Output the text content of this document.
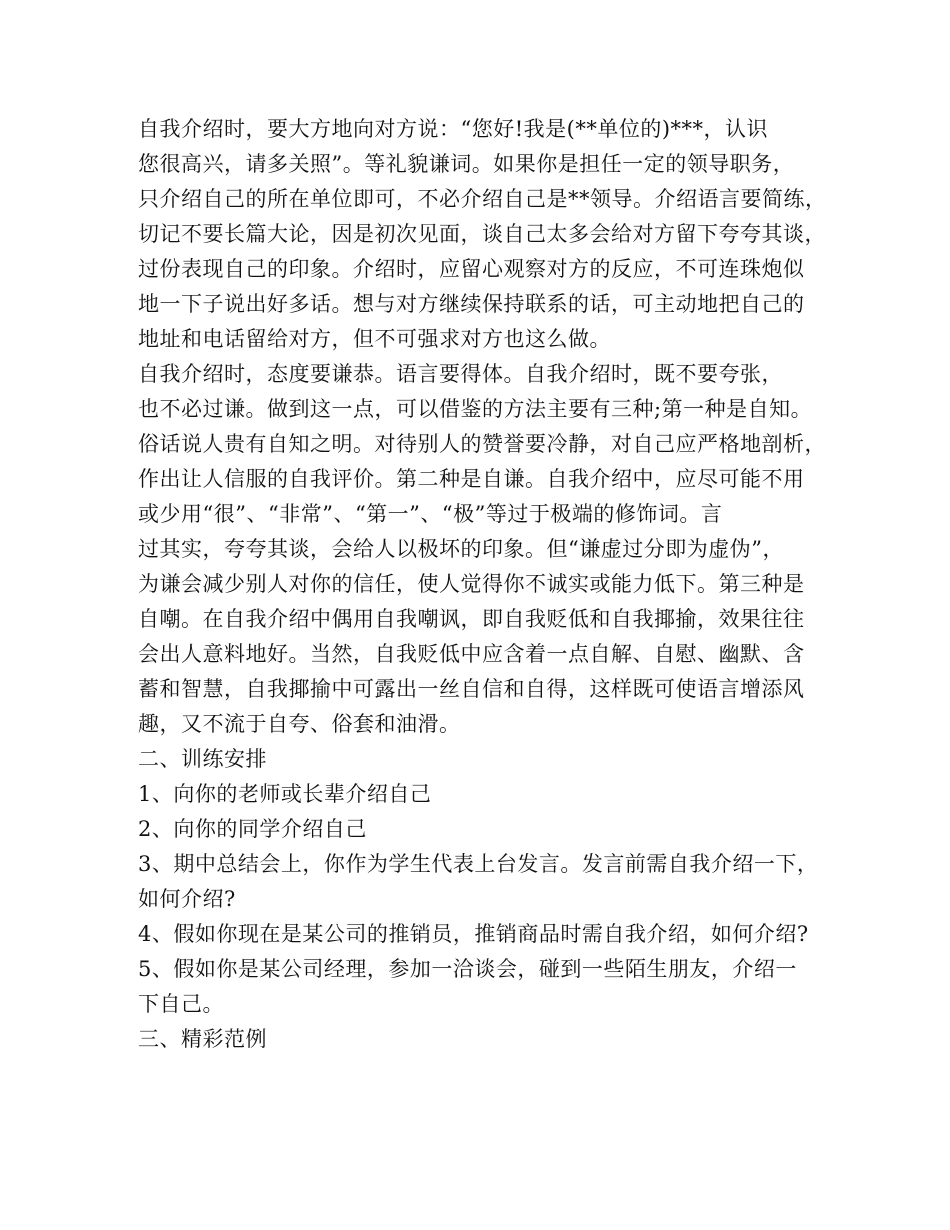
自我介绍时，要大方地向对方说：“您好!我是(**单位的)***，认识
您很高兴，请多关照”。等礼貌谦词。如果你是担任一定的领导职务，
只介绍自己的所在单位即可，不必介绍自己是**领导。介绍语言要简练，
切记不要长篇大论，因是初次见面，谈自己太多会给对方留下夸夸其谈，
过份表现自己的印象。介绍时，应留心观察对方的反应，不可连珠炮似
地一下子说出好多话。想与对方继续保持联系的话，可主动地把自己的
地址和电话留给对方，但不可强求对方也这么做。
自我介绍时，态度要谦恭。语言要得体。自我介绍时，既不要夸张，
也不必过谦。做到这一点，可以借鉴的方法主要有三种;第一种是自知。
俗话说人贵有自知之明。对待别人的赞誉要冷静，对自己应严格地剖析，
作出让人信服的自我评价。第二种是自谦。自我介绍中，应尽可能不用
或少用“很”、“非常”、“第一”、“极”等过于极端的修饰词。言
过其实，夸夸其谈，会给人以极坏的印象。但“谦虚过分即为虚伪”，
为谦会减少别人对你的信任，使人觉得你不诚实或能力低下。第三种是
自嘲。在自我介绍中偶用自我嘲讽，即自我贬低和自我揶揄，效果往往
会出人意料地好。当然，自我贬低中应含着一点自解、自慰、幽默、含
蓄和智慧，自我揶揄中可露出一丝自信和自得，这样既可使语言增添风
趣，又不流于自夸、俗套和油滑。
二、训练安排
1、向你的老师或长辈介绍自己
2、向你的同学介绍自己
3、期中总结会上，你作为学生代表上台发言。发言前需自我介绍一下，
如何介绍?
4、假如你现在是某公司的推销员，推销商品时需自我介绍，如何介绍?
5、假如你是某公司经理，参加一洽谈会，碰到一些陌生朋友，介绍一
下自己。
三、精彩范例
